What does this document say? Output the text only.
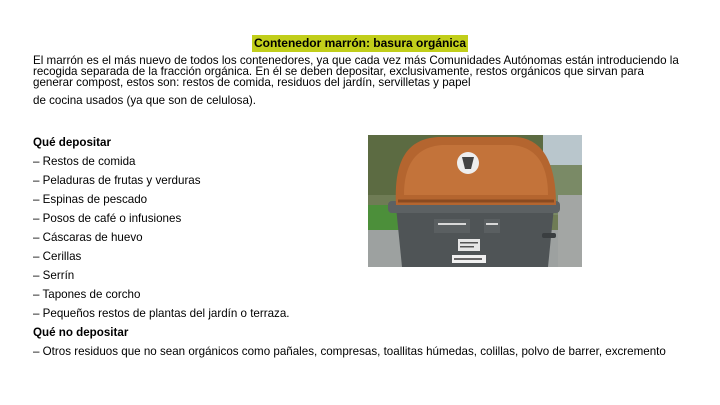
Contenedor marrón: basura orgánica
El marrón es el más nuevo de todos los contenedores, ya que cada vez más Comunidades Autónomas están introduciendo la recogida separada de la fracción orgánica. En él se deben depositar, exclusivamente, restos orgánicos que sirvan para generar compost, estos son: restos de comida, residuos del jardín, servilletas y papel
de cocina usados (ya que son de celulosa).
Qué depositar
– Restos de comida
– Peladuras de frutas y verduras
– Espinas de pescado
– Posos de café o infusiones
– Cáscaras de huevo
– Cerillas
– Serrín
– Tapones de corcho
– Pequeños restos de plantas del jardín o terraza.
Qué no depositar
– Otros residuos que no sean orgánicos como pañales, compresas, toallitas húmedas, colillas, polvo de barrer, excremento
